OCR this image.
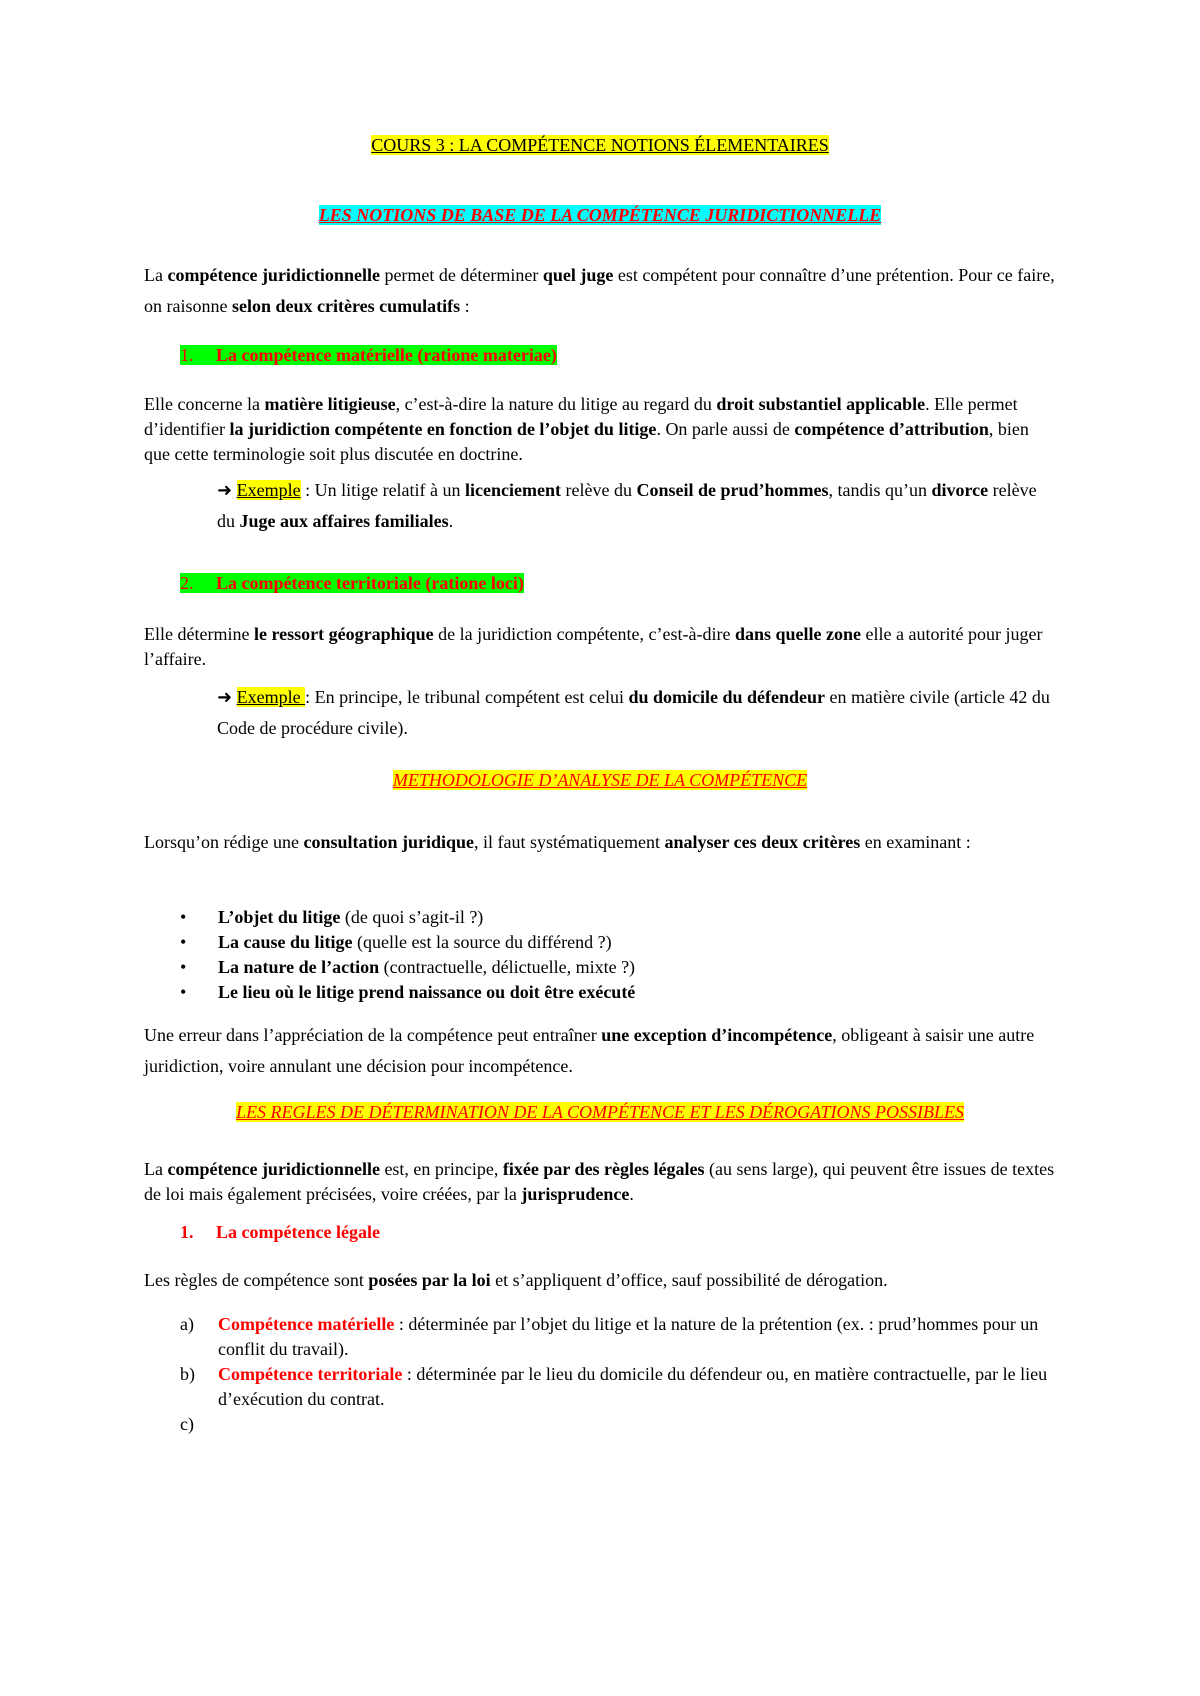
COURS 3 : LA COMPÉTENCE NOTIONS ÉLEMENTAIRES
LES NOTIONS DE BASE DE LA COMPÉTENCE JURIDICTIONNELLE
La compétence juridictionnelle permet de déterminer quel juge est compétent pour connaître d’une prétention. Pour ce faire, on raisonne selon deux critères cumulatifs :
1. La compétence matérielle (ratione materiae)
Elle concerne la matière litigieuse, c’est-à-dire la nature du litige au regard du droit substantiel applicable. Elle permet d’identifier la juridiction compétente en fonction de l’objet du litige. On parle aussi de compétence d’attribution, bien que cette terminologie soit plus discutée en doctrine.
➜ Exemple : Un litige relatif à un licenciement relève du Conseil de prud’hommes, tandis qu’un divorce relève du Juge aux affaires familiales.
2. La compétence territoriale (ratione loci)
Elle détermine le ressort géographique de la juridiction compétente, c’est-à-dire dans quelle zone elle a autorité pour juger l’affaire.
➜ Exemple : En principe, le tribunal compétent est celui du domicile du défendeur en matière civile (article 42 du Code de procédure civile).
METHODOLOGIE D’ANALYSE DE LA COMPÉTENCE
Lorsqu’on rédige une consultation juridique, il faut systématiquement analyser ces deux critères en examinant :
• L’objet du litige (de quoi s’agit-il ?)
• La cause du litige (quelle est la source du différend ?)
• La nature de l’action (contractuelle, délictuelle, mixte ?)
• Le lieu où le litige prend naissance ou doit être exécuté
Une erreur dans l’appréciation de la compétence peut entraîner une exception d’incompétence, obligeant à saisir une autre juridiction, voire annulant une décision pour incompétence.
LES REGLES DE DÉTERMINATION DE LA COMPÉTENCE ET LES DÉROGATIONS POSSIBLES
La compétence juridictionnelle est, en principe, fixée par des règles légales (au sens large), qui peuvent être issues de textes de loi mais également précisées, voire créées, par la jurisprudence.
1. La compétence légale
Les règles de compétence sont posées par la loi et s’appliquent d’office, sauf possibilité de dérogation.
a) Compétence matérielle : déterminée par l’objet du litige et la nature de la prétention (ex. : prud’hommes pour un conflit du travail).
b) Compétence territoriale : déterminée par le lieu du domicile du défendeur ou, en matière contractuelle, par le lieu d’exécution du contrat.
c)
